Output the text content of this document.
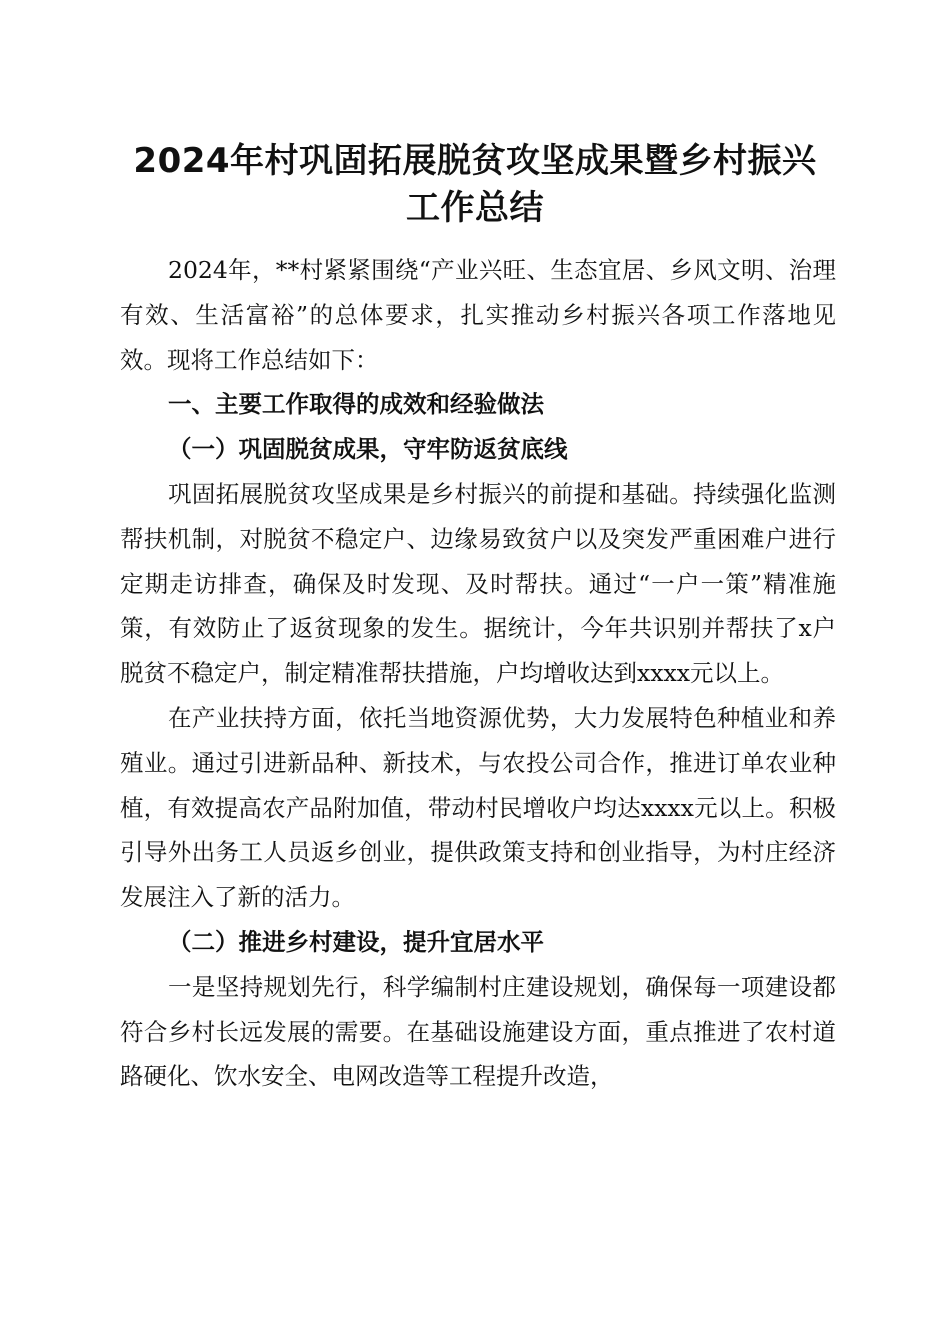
2024年村巩固拓展脱贫攻坚成果暨乡村振兴
工作总结

2024年，**村紧紧围绕“产业兴旺、生态宜居、乡风文明、治理有效、生活富裕”的总体要求，扎实推动乡村振兴各项工作落地见效。现将工作总结如下：

一、主要工作取得的成效和经验做法

（一）巩固脱贫成果，守牢防返贫底线

巩固拓展脱贫攻坚成果是乡村振兴的前提和基础。持续强化监测帮扶机制，对脱贫不稳定户、边缘易致贫户以及突发严重困难户进行定期走访排查，确保及时发现、及时帮扶。通过“一户一策”精准施策，有效防止了返贫现象的发生。据统计，今年共识别并帮扶了x户脱贫不稳定户，制定精准帮扶措施，户均增收达到xxxx元以上。

在产业扶持方面，依托当地资源优势，大力发展特色种植业和养殖业。通过引进新品种、新技术，与农投公司合作，推进订单农业种植，有效提高农产品附加值，带动村民增收户均达xxxx元以上。积极引导外出务工人员返乡创业，提供政策支持和创业指导，为村庄经济发展注入了新的活力。

（二）推进乡村建设，提升宜居水平

一是坚持规划先行，科学编制村庄建设规划，确保每一项建设都符合乡村长远发展的需要。在基础设施建设方面，重点推进了农村道路硬化、饮水安全、电网改造等工程提升改造，
